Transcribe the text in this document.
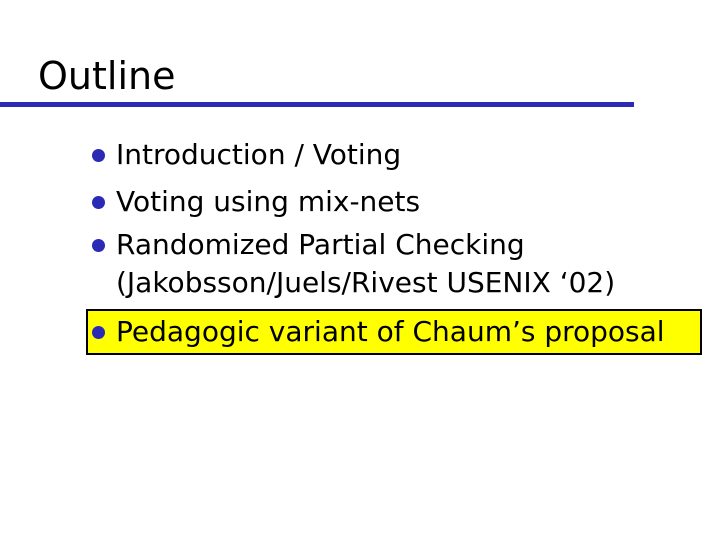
Outline
Introduction / Voting
Voting using mix-nets
Randomized Partial Checking
(Jakobsson/Juels/Rivest USENIX ‘02)
Pedagogic variant of Chaum’s proposal
